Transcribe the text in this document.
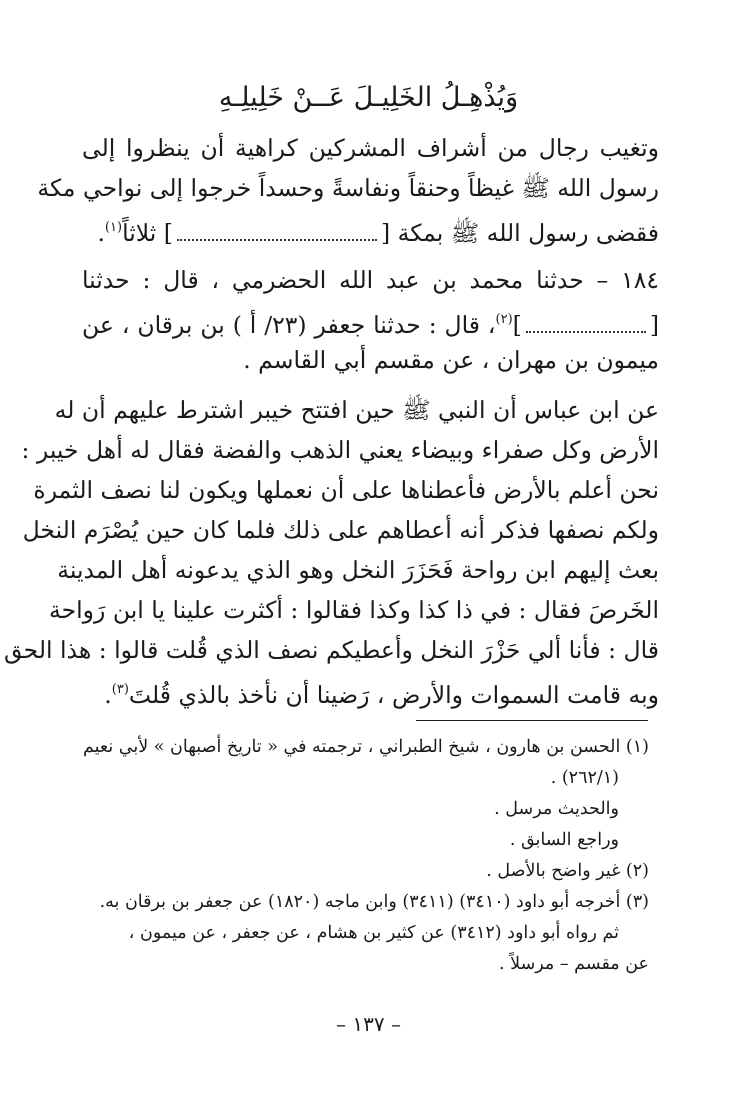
وَيُذْهِـلُ الخَلِيـلَ عَــنْ خَلِيلِـهِ
وتغيب رجال من أشراف المشركين كراهية أن ينظروا إلى
رسول الله ﷺ غيظاً وحنقاً ونفاسةً وحسداً خرجوا إلى نواحي مكة
فقضى رسول الله ﷺ بمكة [] ثلاثاً$^{(١)}$.
١٨٤ – حدثنا محمد بن عبد الله الحضرمي ، قال : حدثنا
[]$^{(٢)}$، قال : حدثنا جعفر (٢٣/ أ ) بن برقان ، عن
ميمون بن مهران ، عن مقسم أبي القاسم .
عن ابن عباس أن النبي ﷺ حين افتتح خيبر اشترط عليهم أن له
الأرض وكل صفراء وبيضاء يعني الذهب والفضة فقال له أهل خيبر :
نحن أعلم بالأرض فأعطناها على أن نعملها ويكون لنا نصف الثمرة
ولكم نصفها فذكر أنه أعطاهم على ذلك فلما كان حين يُصْرَم النخل
بعث إليهم ابن رواحة فَحَزَرَ النخل وهو الذي يدعونه أهل المدينة
الخَرصَ فقال : في ذا كذا وكذا فقالوا : أكثرت علينا يا ابن رَواحة
قال : فأنا ألي حَزْرَ النخل وأعطيكم نصف الذي قُلت قالوا : هذا الحق
وبه قامت السموات والأرض ، رَضينا أن نأخذ بالذي قُلتَ$^{(٣)}$.
(١) الحسن بن هارون ، شيخ الطبراني ، ترجمته في « تاريخ أصبهان » لأبي نعيم
(٢٦٢/١) .
والحديث مرسل .
وراجع السابق .
(٢) غير واضح بالأصل .
(٣) أخرجه أبو داود (٣٤١٠) (٣٤١١) وابن ماجه (١٨٢٠) عن جعفر بن برقان به.
ثم رواه أبو داود (٣٤١٢) عن كثير بن هشام ، عن جعفر ، عن ميمون ،
عن مقسم – مرسلاً .
– ١٣٧ –
